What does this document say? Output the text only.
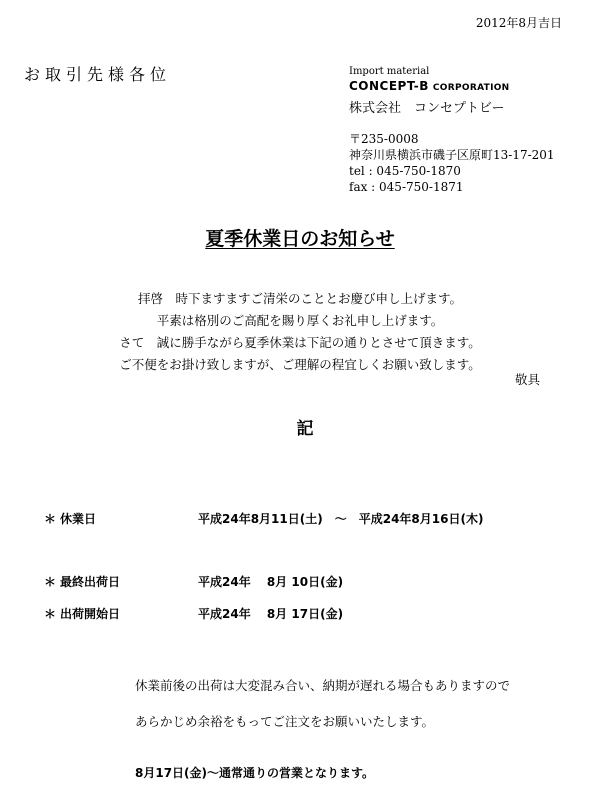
2012年8月吉日
お取引先様各位	Import material
CONCEPT-B CORPORATION
株式会社　コンセプトビー
〒235-0008
神奈川県横浜市磯子区原町13-17-201
tel : 045-750-1870
fax : 045-750-1871
夏季休業日のお知らせ
拝啓　時下ますますご清栄のこととお慶び申し上げます。
平素は格別のご高配を賜り厚くお礼申し上げます。
さて　誠に勝手ながら夏季休業は下記の通りとさせて頂きます。
ご不便をお掛け致しますが、ご理解の程宜しくお願い致します。
敬具
記
＊ 休業日	平成24年8月11日(土)　〜　平成24年8月16日(木)
＊ 最終出荷日	平成24年　 8月 10日(金)
＊ 出荷開始日	平成24年　 8月 17日(金)
休業前後の出荷は大変混み合い、納期が遅れる場合もありますので
あらかじめ余裕をもってご注文をお願いいたします。
8月17日(金)〜通常通りの営業となります。
